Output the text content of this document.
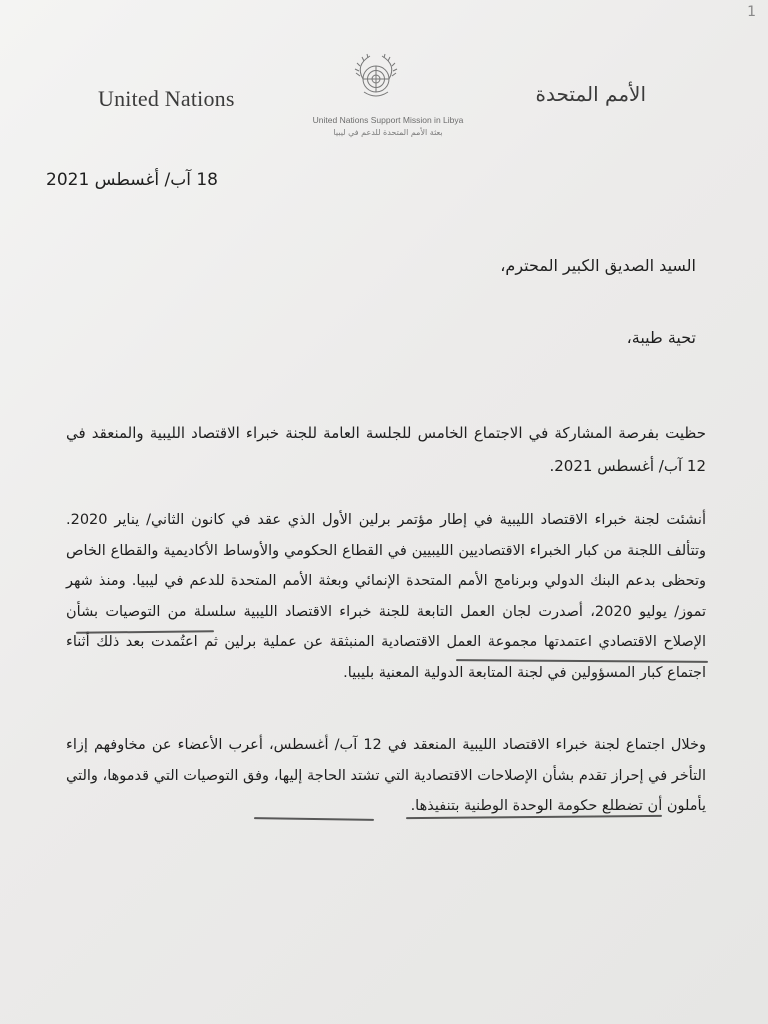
1
United Nations	الأمم المتحدة
United Nations Support Mission in Libya
بعثة الأمم المتحدة للدعم في ليبيا
18 آب/ أغسطس 2021
السيد الصديق الكبير المحترم،
تحية طيبة،
حظيت بفرصة المشاركة في الاجتماع الخامس للجلسة العامة للجنة خبراء الاقتصاد الليبية والمنعقد في 12 آب/ أغسطس 2021.
أنشئت لجنة خبراء الاقتصاد الليبية في إطار مؤتمر برلين الأول الذي عقد في كانون الثاني/ يناير 2020. وتتألف اللجنة من كبار الخبراء الاقتصاديين الليبيين في القطاع الحكومي والأوساط الأكاديمية والقطاع الخاص وتحظى بدعم البنك الدولي وبرنامج الأمم المتحدة الإنمائي وبعثة الأمم المتحدة للدعم في ليبيا. ومنذ شهر تموز/ يوليو 2020، أصدرت لجان العمل التابعة للجنة خبراء الاقتصاد الليبية سلسلة من التوصيات بشأن الإصلاح الاقتصادي اعتمدتها مجموعة العمل الاقتصادية المنبثقة عن عملية برلين ثم اعتُمدت بعد ذلك أثناء اجتماع كبار المسؤولين في لجنة المتابعة الدولية المعنية بليبيا.
وخلال اجتماع لجنة خبراء الاقتصاد الليبية المنعقد في 12 آب/ أغسطس، أعرب الأعضاء عن مخاوفهم إزاء التأخر في إحراز تقدم بشأن الإصلاحات الاقتصادية التي تشتد الحاجة إليها، وفق التوصيات التي قدموها، والتي يأملون أن تضطلع حكومة الوحدة الوطنية بتنفيذها.
